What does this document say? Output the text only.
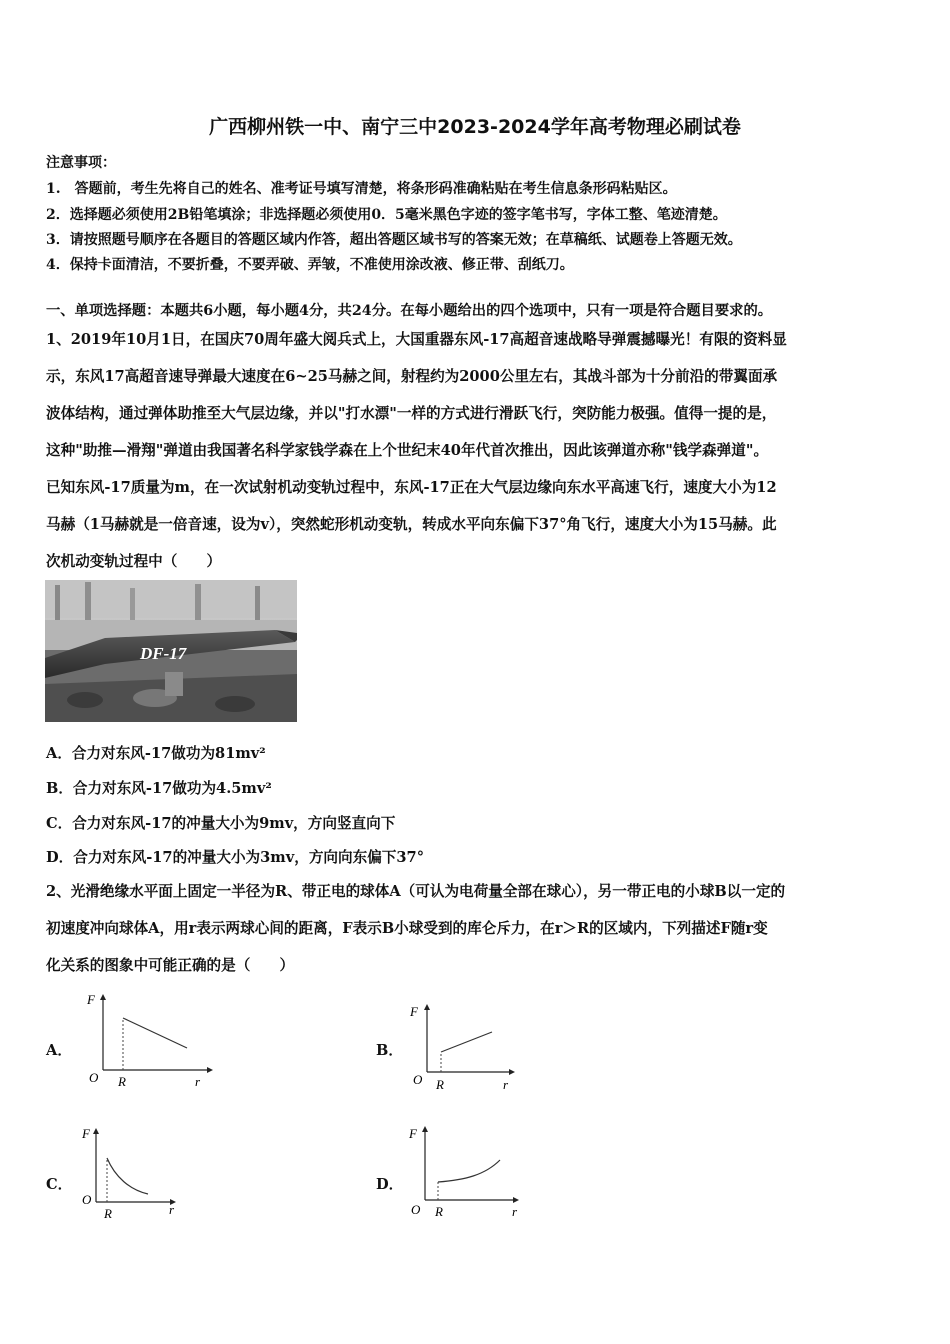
广西柳州铁一中、南宁三中2023-2024学年高考物理必刷试卷
注意事项：
1.　答题前，考生先将自己的姓名、准考证号填写清楚，将条形码准确粘贴在考生信息条形码粘贴区。
2．选择题必须使用2B铅笔填涂；非选择题必须使用0．5毫米黑色字迹的签字笔书写，字体工整、笔迹清楚。
3．请按照题号顺序在各题目的答题区域内作答，超出答题区域书写的答案无效；在草稿纸、试题卷上答题无效。
4．保持卡面清洁，不要折叠，不要弄破、弄皱，不准使用涂改液、修正带、刮纸刀。
一、单项选择题：本题共6小题，每小题4分，共24分。在每小题给出的四个选项中，只有一项是符合题目要求的。
1、2019年10月1日，在国庆70周年盛大阅兵式上，大国重器东风-17高超音速战略导弹震撼曝光！有限的资料显
示，东风17高超音速导弹最大速度在6~25马赫之间，射程约为2000公里左右，其战斗部为十分前沿的带翼面承
波体结构，通过弹体助推至大气层边缘，并以"打水漂"一样的方式进行滑跃飞行，突防能力极强。值得一提的是，
这种"助推—滑翔"弹道由我国著名科学家钱学森在上个世纪末40年代首次推出，因此该弹道亦称"钱学森弹道"。
已知东风-17质量为m，在一次试射机动变轨过程中，东风-17正在大气层边缘向东水平高速飞行，速度大小为12
马赫（1马赫就是一倍音速，设为v），突然蛇形机动变轨，转成水平向东偏下37°角飞行，速度大小为15马赫。此
次机动变轨过程中（　　）
DF-17
A．合力对东风-17做功为81mv²
B．合力对东风-17做功为4.5mv²
C．合力对东风-17的冲量大小为9mv，方向竖直向下
D．合力对东风-17的冲量大小为3mv，方向向东偏下37°
2、光滑绝缘水平面上固定一半径为R、带正电的球体A（可认为电荷量全部在球心），另一带正电的小球B以一定的
初速度冲向球体A，用r表示两球心间的距离，F表示B小球受到的库仑斥力，在r＞R的区域内，下列描述F随r变
化关系的图象中可能正确的是（　　）
A．
F
O R	r
B．
F
O R	r
C．
F
O
R	r
D．
F
O R	r
